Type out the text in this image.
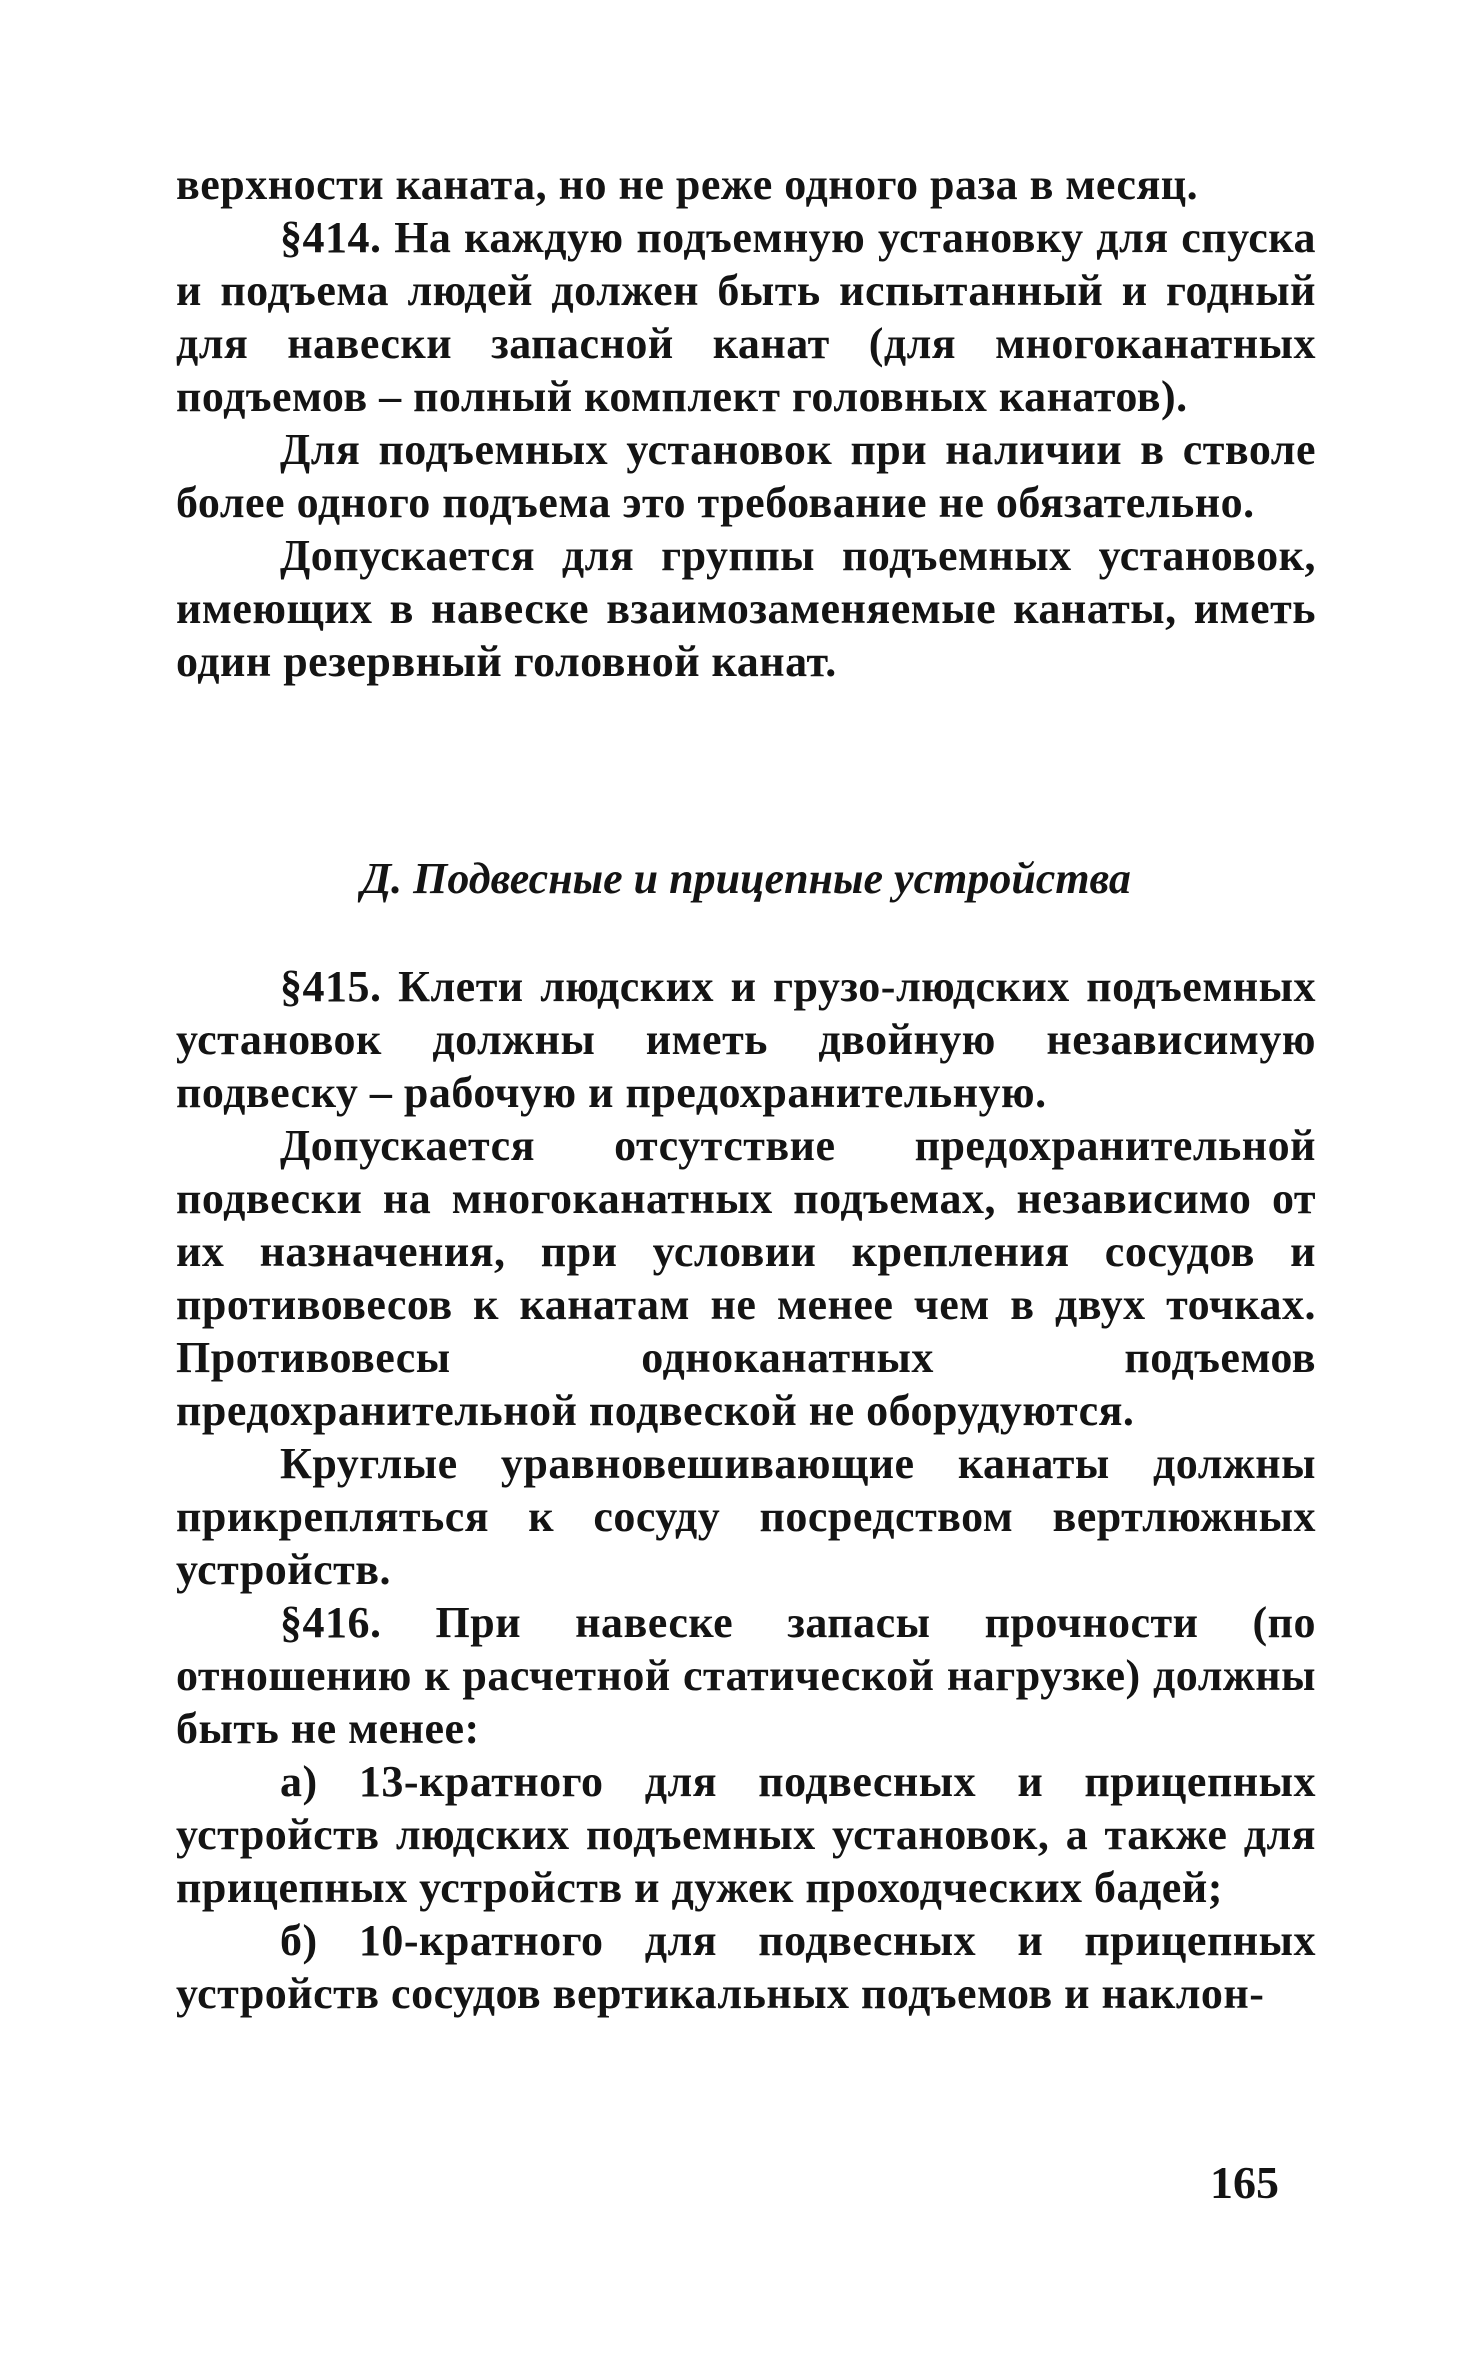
верхности каната, но не реже одного раза в месяц.

§414. На каждую подъемную установку для спуска и подъема людей должен быть испытанный и годный для навески запасной канат (для многоканатных подъемов – полный комплект головных канатов).

Для подъемных установок при наличии в стволе более одного подъема это требование не обязательно.

Допускается для группы подъемных установок, имеющих в навеске взаимозаменяемые канаты, иметь один резервный головной канат.

Д. Подвесные и прицепные устройства

§415. Клети людских и грузо-людских подъемных установок должны иметь двойную независимую подвеску – рабочую и предохранительную.

Допускается отсутствие предохранительной подвески на многоканатных подъемах, независимо от их назначения, при условии крепления сосудов и противовесов к канатам не менее чем в двух точках. Противовесы одноканатных подъемов предохранительной подвеской не оборудуются.

Круглые уравновешивающие канаты должны прикрепляться к сосуду посредством вертлюжных устройств.

§416. При навеске запасы прочности (по отношению к расчетной статической нагрузке) должны быть не менее:

а) 13-кратного для подвесных и прицепных устройств людских подъемных установок, а также для прицепных устройств и дужек проходческих бадей;

б) 10-кратного для подвесных и прицепных устройств сосудов вертикальных подъемов и наклон-

165
